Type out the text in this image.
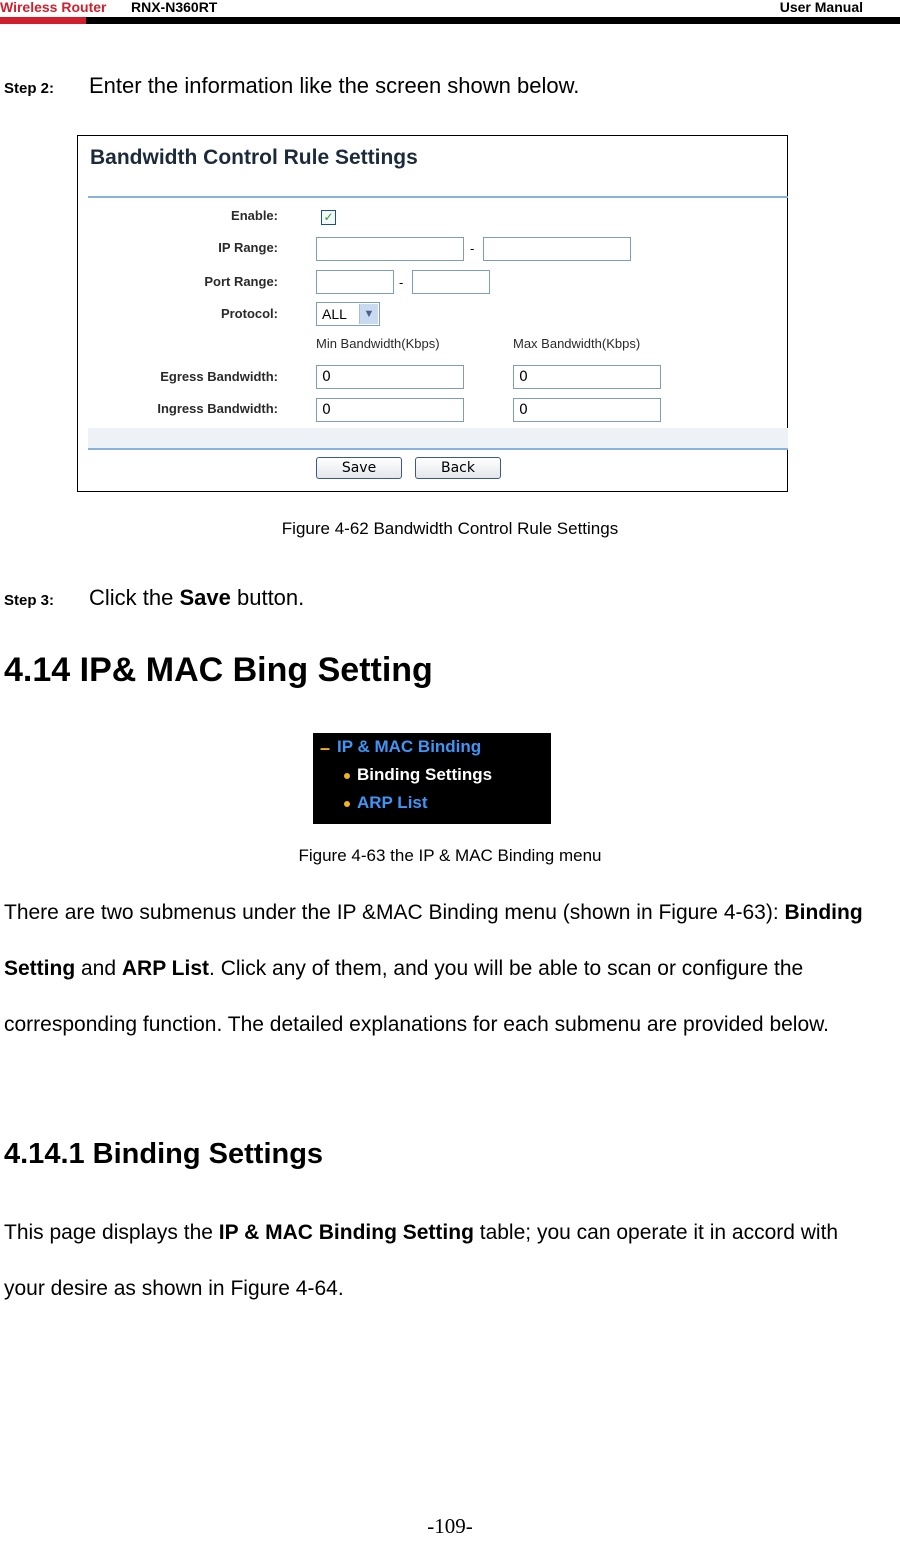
Wireless Router RNX-N360RT	User Manual
Step 2: Enter the information like the screen shown below.
Bandwidth Control Rule Settings
Enable:	✓
IP Range:	-
Port Range:	-
Protocol:	ALL	▼
Min Bandwidth(Kbps)	Max Bandwidth(Kbps)
Egress Bandwidth:	0	0
Ingress Bandwidth:	0	0
Save	Back
Figure 4-62 Bandwidth Control Rule Settings
Step 3: Click the Save button.
4.14 IP& MAC Bing Setting
– IP & MAC Binding
Binding Settings
ARP List
Figure 4-63 the IP & MAC Binding menu
There are two submenus under the IP &MAC Binding menu (shown in Figure 4-63): Binding Setting and ARP List. Click any of them, and you will be able to scan or configure the corresponding function. The detailed explanations for each submenu are provided below.
4.14.1 Binding Settings
This page displays the IP & MAC Binding Setting table; you can operate it in accord with your desire as shown in Figure 4-64.
-109-
